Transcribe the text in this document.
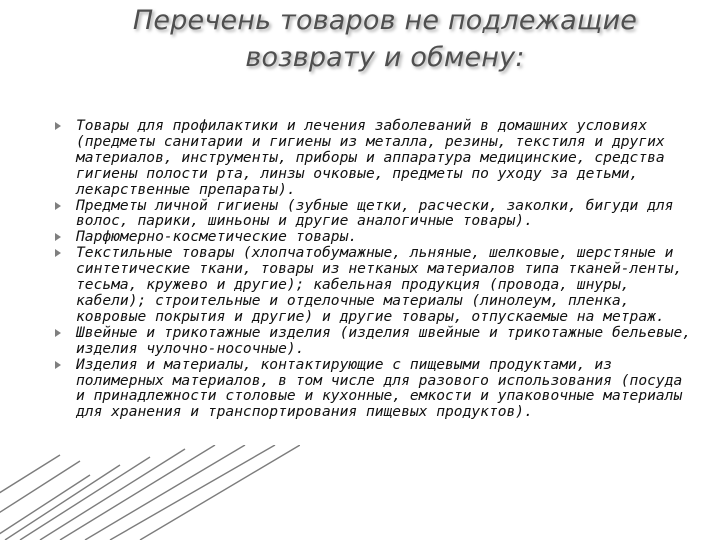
Перечень товаров не подлежащие возврату и обмену:
Товары для профилактики и лечения заболеваний в домашних условиях (предметы санитарии и гигиены из металла, резины, текстиля и других материалов, инструменты, приборы и аппаратура медицинские, средства гигиены полости рта, линзы очковые, предметы по уходу за детьми, лекарственные препараты).
Предметы личной гигиены (зубные щетки, расчески, заколки, бигуди для волос, парики, шиньоны и другие аналогичные товары).
Парфюмерно-косметические товары.
Текстильные товары (хлопчатобумажные, льняные, шелковые, шерстяные и синтетические ткани, товары из нетканых материалов типа тканей-ленты, тесьма, кружево и другие); кабельная продукция (провода, шнуры, кабели); строительные и отделочные материалы (линолеум, пленка, ковровые покрытия и другие) и другие товары, отпускаемые на метраж.
Швейные и трикотажные изделия (изделия швейные и трикотажные бельевые, изделия чулочно-носочные).
Изделия и материалы, контактирующие с пищевыми продуктами, из полимерных материалов, в том числе для разового использования (посуда и принадлежности столовые и кухонные, емкости и упаковочные материалы для хранения и транспортирования пищевых продуктов).
